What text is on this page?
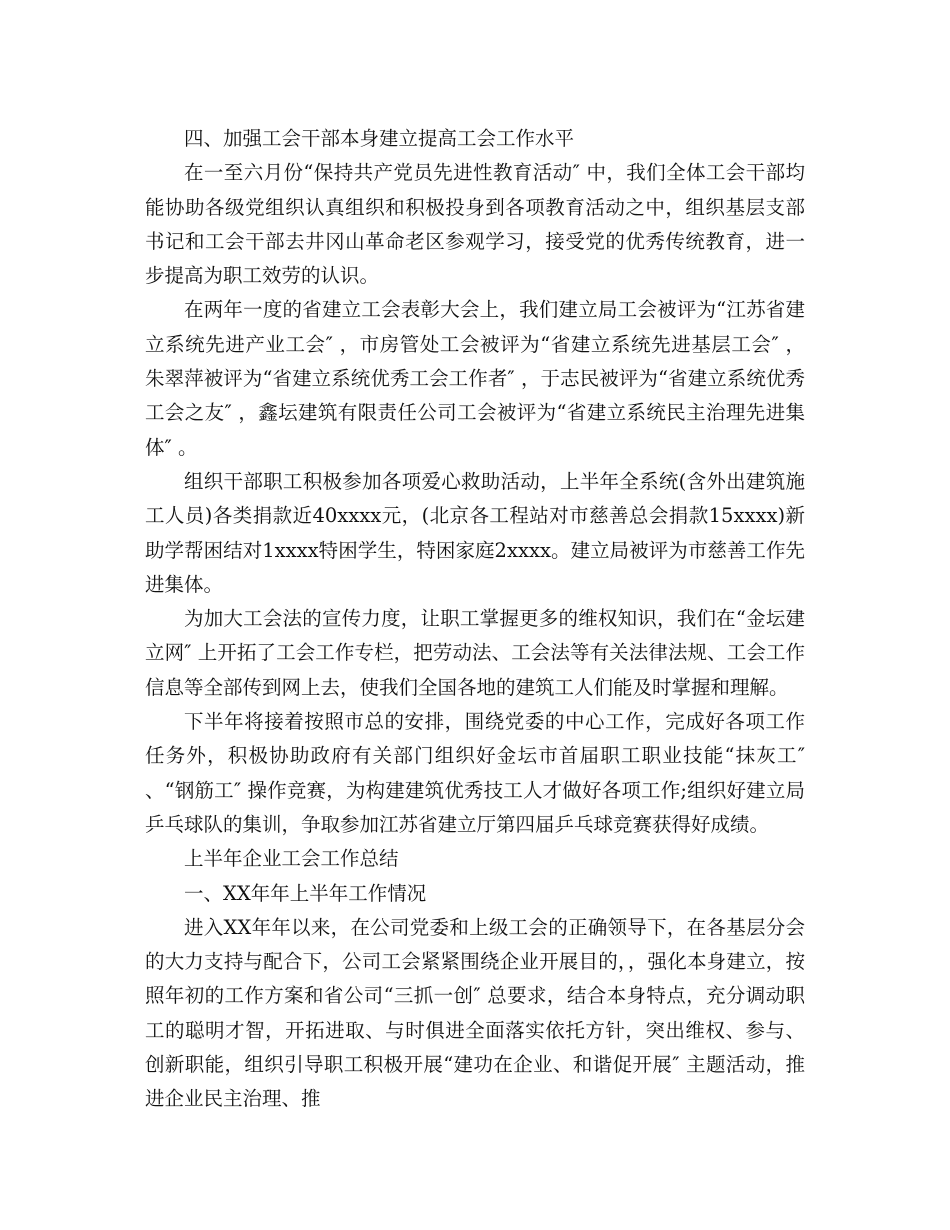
四、加强工会干部本身建立提高工会工作水平

在一至六月份“保持共产党员先进性教育活动″ 中，我们全体工会干部均能协助各级党组织认真组织和积极投身到各项教育活动之中，组织基层支部书记和工会干部去井冈山革命老区参观学习，接受党的优秀传统教育，进一步提高为职工效劳的认识。

在两年一度的省建立工会表彰大会上，我们建立局工会被评为“江苏省建立系统先进产业工会″ ，市房管处工会被评为“省建立系统先进基层工会″ ，朱翠萍被评为“省建立系统优秀工会工作者″ ，于志民被评为“省建立系统优秀工会之友″ ，鑫坛建筑有限责任公司工会被评为“省建立系统民主治理先进集体″ 。

组织干部职工积极参加各项爱心救助活动，上半年全系统(含外出建筑施工人员)各类捐款近40xxxx元，(北京各工程站对市慈善总会捐款15xxxx)新助学帮困结对1xxxx特困学生，特困家庭2xxxx。建立局被评为市慈善工作先进集体。

为加大工会法的宣传力度，让职工掌握更多的维权知识，我们在“金坛建立网″ 上开拓了工会工作专栏，把劳动法、工会法等有关法律法规、工会工作信息等全部传到网上去，使我们全国各地的建筑工人们能及时掌握和理解。

下半年将接着按照市总的安排，围绕党委的中心工作，完成好各项工作任务外，积极协助政府有关部门组织好金坛市首届职工职业技能“抹灰工″ 、“钢筋工″ 操作竞赛，为构建建筑优秀技工人才做好各项工作;组织好建立局乒乓球队的集训，争取参加江苏省建立厅第四届乒乓球竞赛获得好成绩。

上半年企业工会工作总结

一、XX年年上半年工作情况

进入XX年年以来，在公司党委和上级工会的正确领导下，在各基层分会的大力支持与配合下，公司工会紧紧围绕企业开展目的，，强化本身建立，按照年初的工作方案和省公司“三抓一创″ 总要求，结合本身特点，充分调动职工的聪明才智，开拓进取、与时俱进全面落实依托方针，突出维权、参与、创新职能，组织引导职工积极开展“建功在企业、和谐促开展″ 主题活动，推进企业民主治理、推
